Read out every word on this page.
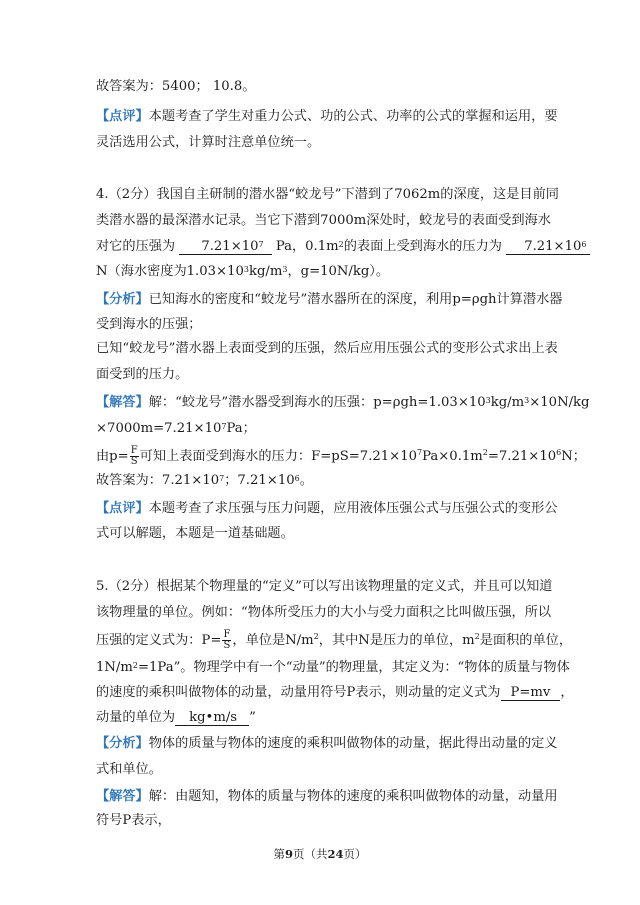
故答案为：5400； 10.8。
【点评】本题考查了学生对重力公式、功的公式、功率的公式的掌握和运用，要
灵活选用公式，计算时注意单位统一。
4.（2分）我国自主研制的潜水器“蛟龙号”下潜到了7062m的深度，这是目前同
类潜水器的最深潜水记录。当它下潜到7000m深处时，蛟龙号的表面受到海水
对它的压强为 $7.21\times 10^7$ Pa，$0.1m^2$的表面上受到海水的压力为 $7.21\times 10^6$
N（海水密度为$1.03\times 10^3kg/m^3$，g=10N/kg）。
【分析】已知海水的密度和“蛟龙号”潜水器所在的深度，利用p=ρgh计算潜水器
受到海水的压强；
已知“蛟龙号”潜水器上表面受到的压强，然后应用压强公式的变形公式求出上表
面受到的压力。
【解答】解：“蛟龙号”潜水器受到海水的压强：$p=\rho gh=1.03\times 10^3kg/m^3\times 10N/kg$
$\times 7000m=7.21\times 10^7Pa$；
由$p= \frac{F}{S}$ 可知上表面受到海水的压力：$F=pS=7.21\times 10^7Pa\times 0.1m^2=7.21\times 10^6N$；
故答案为：$7.21\times 10^7$；$7.21\times 10^6$。
【点评】本题考查了求压强与压力问题，应用液体压强公式与压强公式的变形公
式可以解题，本题是一道基础题。
5.（2分）根据某个物理量的“定义”可以写出该物理量的定义式，并且可以知道
该物理量的单位。例如：“物体所受压力的大小与受力面积之比叫做压强，所以
压强的定义式为：$P= \frac{F}{S}$ ，单位是$N/m^2$，其中N是压力的单位，$m^2$是面积的单位，
$1N/m^2=1Pa$”。物理学中有一个“动量”的物理量，其定义为：“物体的质量与物体
的速度的乘积叫做物体的动量，动量用符号P表示，则动量的定义式为 P=mv ，
动量的单位为 kg•m/s ”
【分析】物体的质量与物体的速度的乘积叫做物体的动量，据此得出动量的定义
式和单位。
【解答】解：由题知，物体的质量与物体的速度的乘积叫做物体的动量，动量用
符号P表示，
第9页（共24页）
